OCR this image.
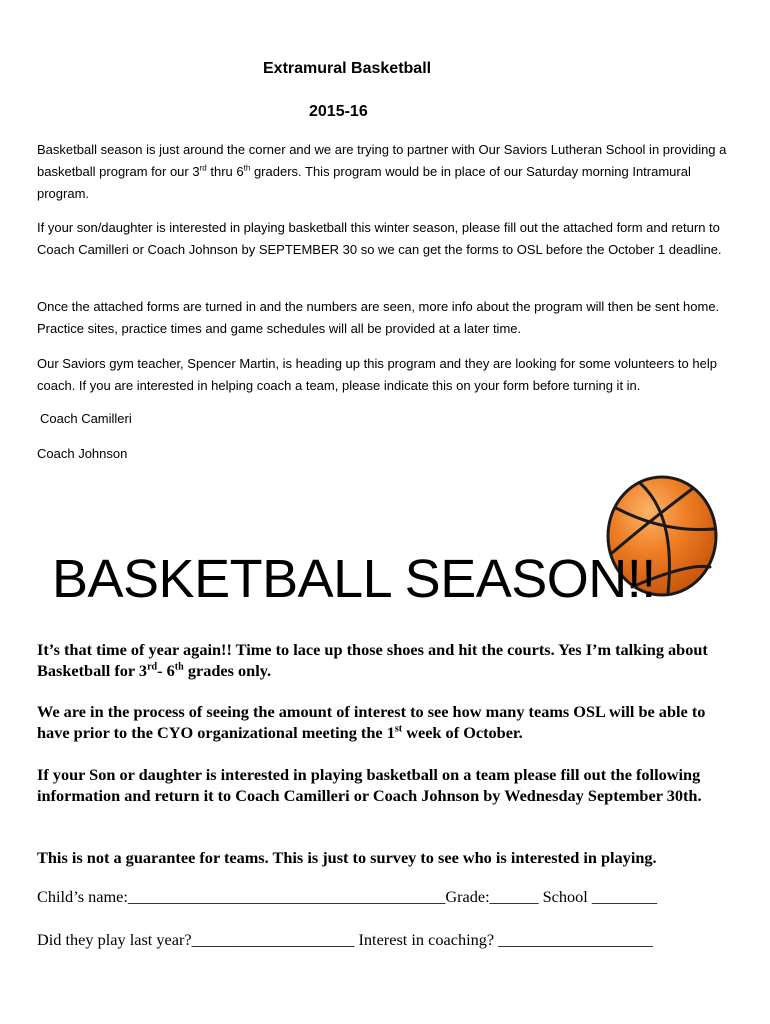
Extramural Basketball
2015-16
Basketball season is just around the corner and we are trying to partner with Our Saviors Lutheran School in providing a basketball program for our 3rd thru 6th graders. This program would be in place of our Saturday morning Intramural program.
If your son/daughter is interested in playing basketball this winter season, please fill out the attached form and return to Coach Camilleri or Coach Johnson by SEPTEMBER 30 so we can get the forms to OSL before the October 1 deadline.
Once the attached forms are turned in and the numbers are seen, more info about the program will then be sent home. Practice sites, practice times and game schedules will all be provided at a later time.
Our Saviors gym teacher, Spencer Martin, is heading up this program and they are looking for some volunteers to help coach. If you are interested in helping coach a team, please indicate this on your form before turning it in.
Coach Camilleri
Coach Johnson
BASKETBALL SEASON!!
It’s that time of year again!! Time to lace up those shoes and hit the courts. Yes I’m talking about Basketball for 3rd- 6th grades only.
We are in the process of seeing the amount of interest to see how many teams OSL will be able to have prior to the CYO organizational meeting the 1st week of October.
If your Son or daughter is interested in playing basketball on a team please fill out the following information and return it to Coach Camilleri or Coach Johnson by Wednesday September 30th.
This is not a guarantee for teams. This is just to survey to see who is interested in playing.
Child’s name:_______________________________________Grade:______ School ________
Did they play last year?____________________ Interest in coaching? ___________________
